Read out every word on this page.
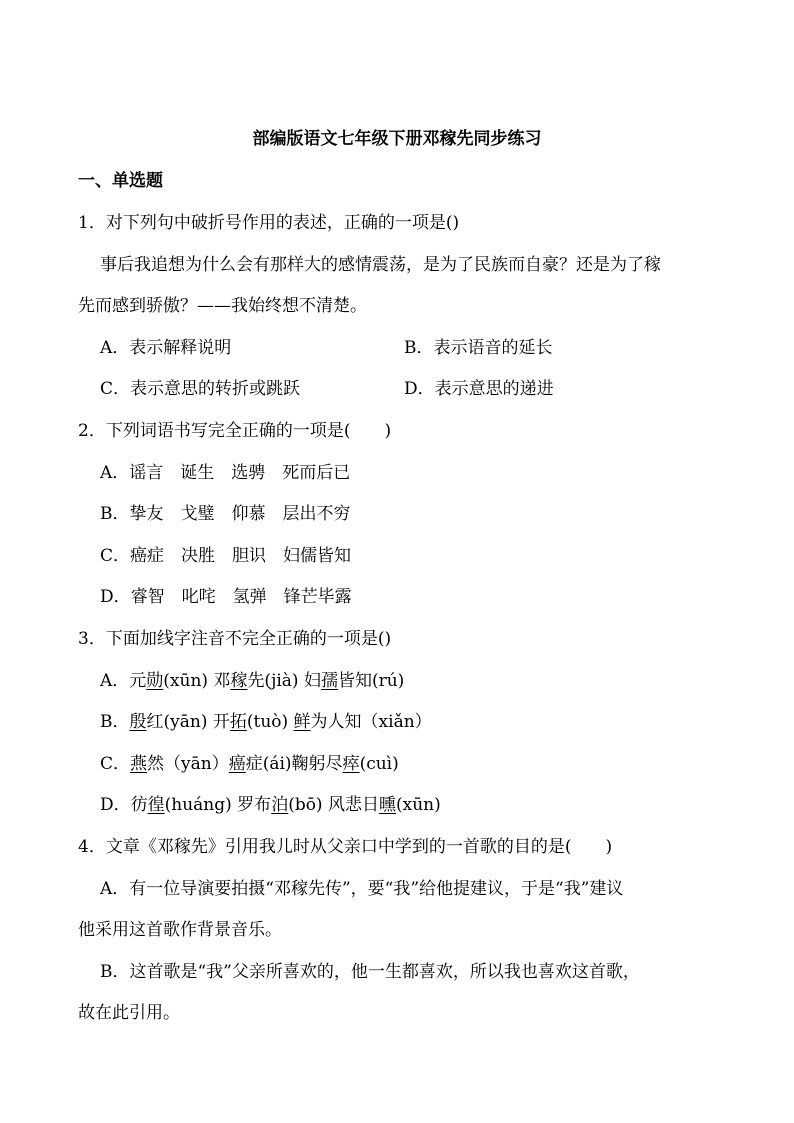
部编版语文七年级下册邓稼先同步练习
一、单选题
1．对下列句中破折号作用的表述，正确的一项是()
事后我追想为什么会有那样大的感情震荡，是为了民族而自豪？还是为了稼
先而感到骄傲？——我始终想不清楚。
A．表示解释说明	B．表示语音的延长
C．表示意思的转折或跳跃	D．表示意思的递进
2．下列词语书写完全正确的一项是(　　)
A．谣言　诞生　选骋　死而后已
B．挚友　戈璧　仰慕　层出不穷
C．癌症　决胜　胆识　妇儒皆知
D．睿智　叱咤　氢弹　锋芒毕露
3．下面加线字注音不完全正确的一项是()
A．元勋(xūn) 邓稼先(jià) 妇孺皆知(rú)
B．殷红(yān) 开拓(tuò) 鲜为人知（xiǎn）
C．燕然（yān）癌症(ái)鞠躬尽瘁(cuì)
D．彷徨(huáng) 罗布泊(bō) 风悲日曛(xūn)
4．文章《邓稼先》引用我儿时从父亲口中学到的一首歌的目的是(　　)
A．有一位导演要拍摄“邓稼先传”，要“我”给他提建议，于是“我”建议
他采用这首歌作背景音乐。
B．这首歌是“我”父亲所喜欢的，他一生都喜欢，所以我也喜欢这首歌，
故在此引用。
